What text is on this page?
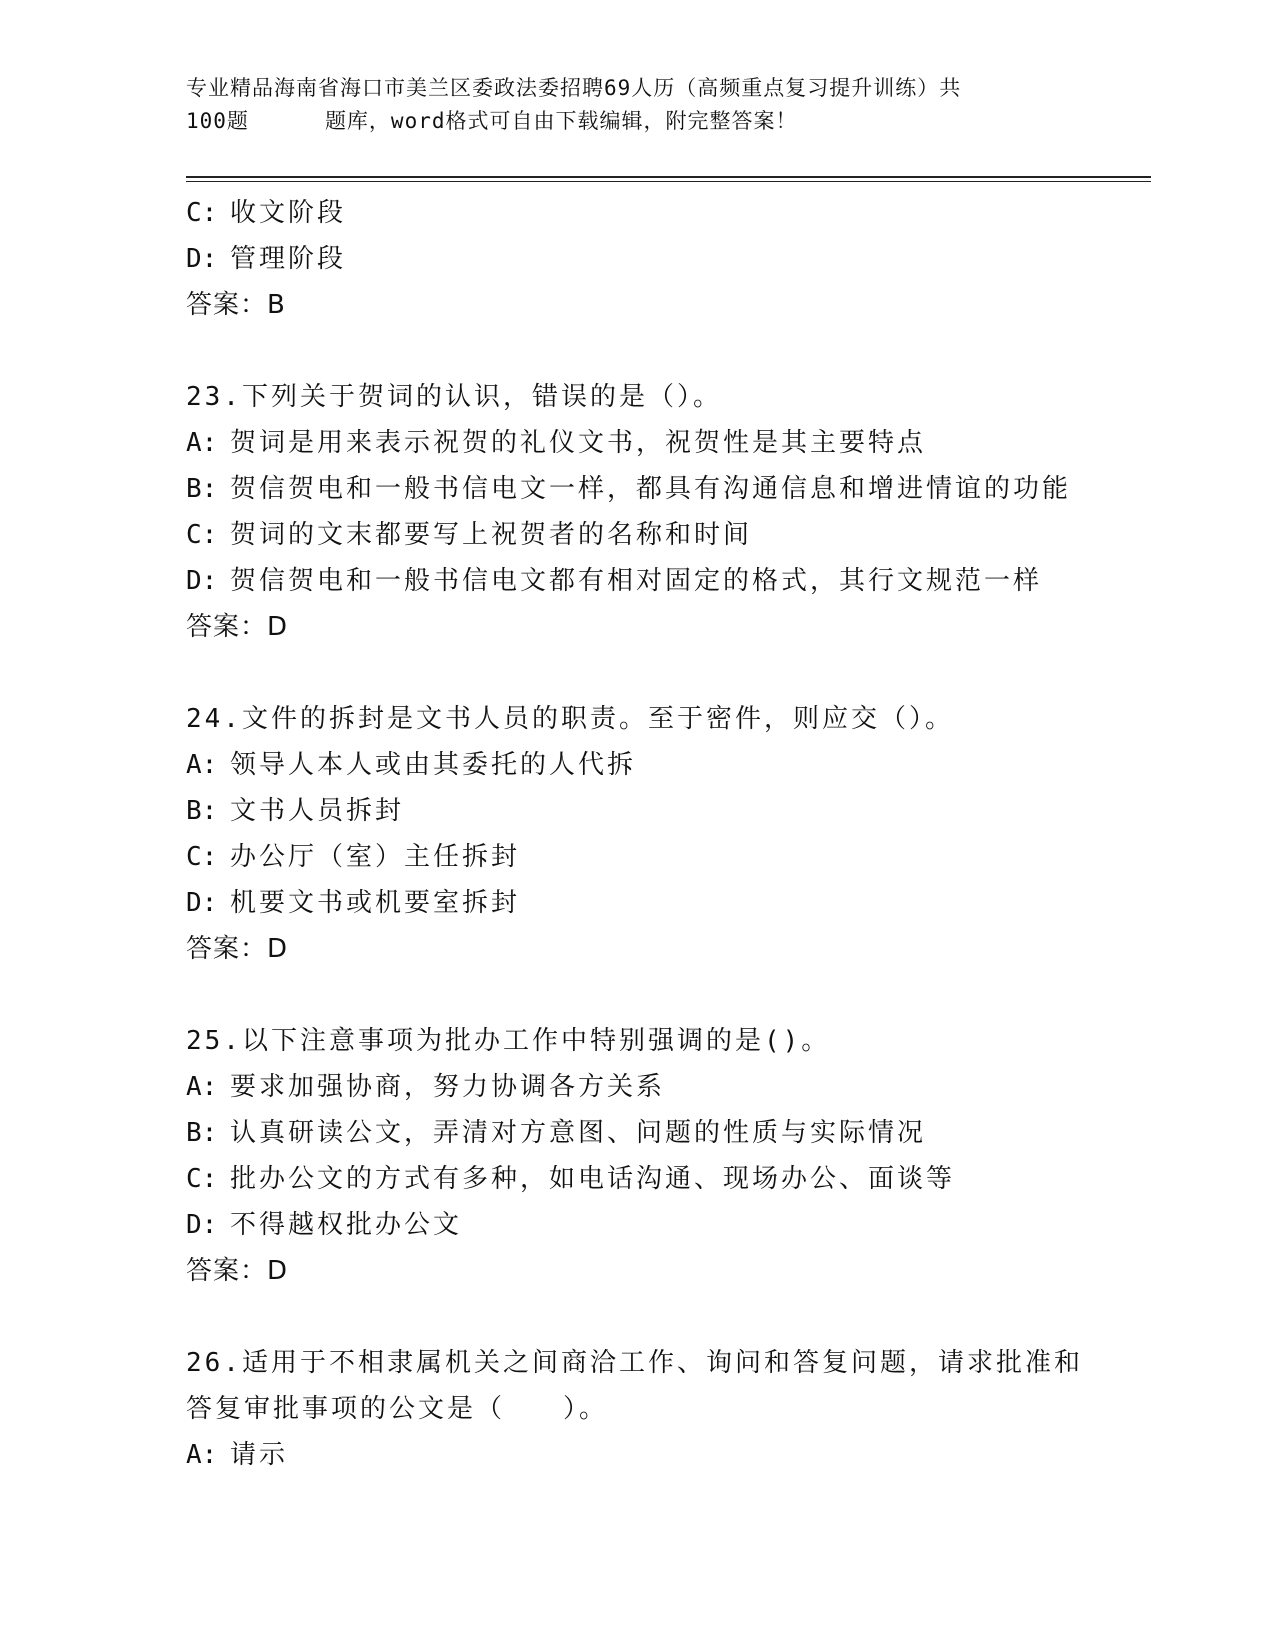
专业精品海南省海口市美兰区委政法委招聘69人历（高频重点复习提升训练）共
100题	题库，word格式可自由下载编辑，附完整答案！
C: 收文阶段
D: 管理阶段
答案：B
23.下列关于贺词的认识，错误的是（）。
A: 贺词是用来表示祝贺的礼仪文书，祝贺性是其主要特点
B: 贺信贺电和一般书信电文一样，都具有沟通信息和增进情谊的功能
C: 贺词的文末都要写上祝贺者的名称和时间
D: 贺信贺电和一般书信电文都有相对固定的格式，其行文规范一样
答案：D
24.文件的拆封是文书人员的职责。至于密件，则应交（）。
A: 领导人本人或由其委托的人代拆
B: 文书人员拆封
C: 办公厅（室）主任拆封
D: 机要文书或机要室拆封
答案：D
25.以下注意事项为批办工作中特别强调的是()。
A: 要求加强协商，努力协调各方关系
B: 认真研读公文，弄清对方意图、问题的性质与实际情况
C: 批办公文的方式有多种，如电话沟通、现场办公、面谈等
D: 不得越权批办公文
答案：D
26.适用于不相隶属机关之间商洽工作、询问和答复问题，请求批准和
答复审批事项的公文是（　　）。
A: 请示
